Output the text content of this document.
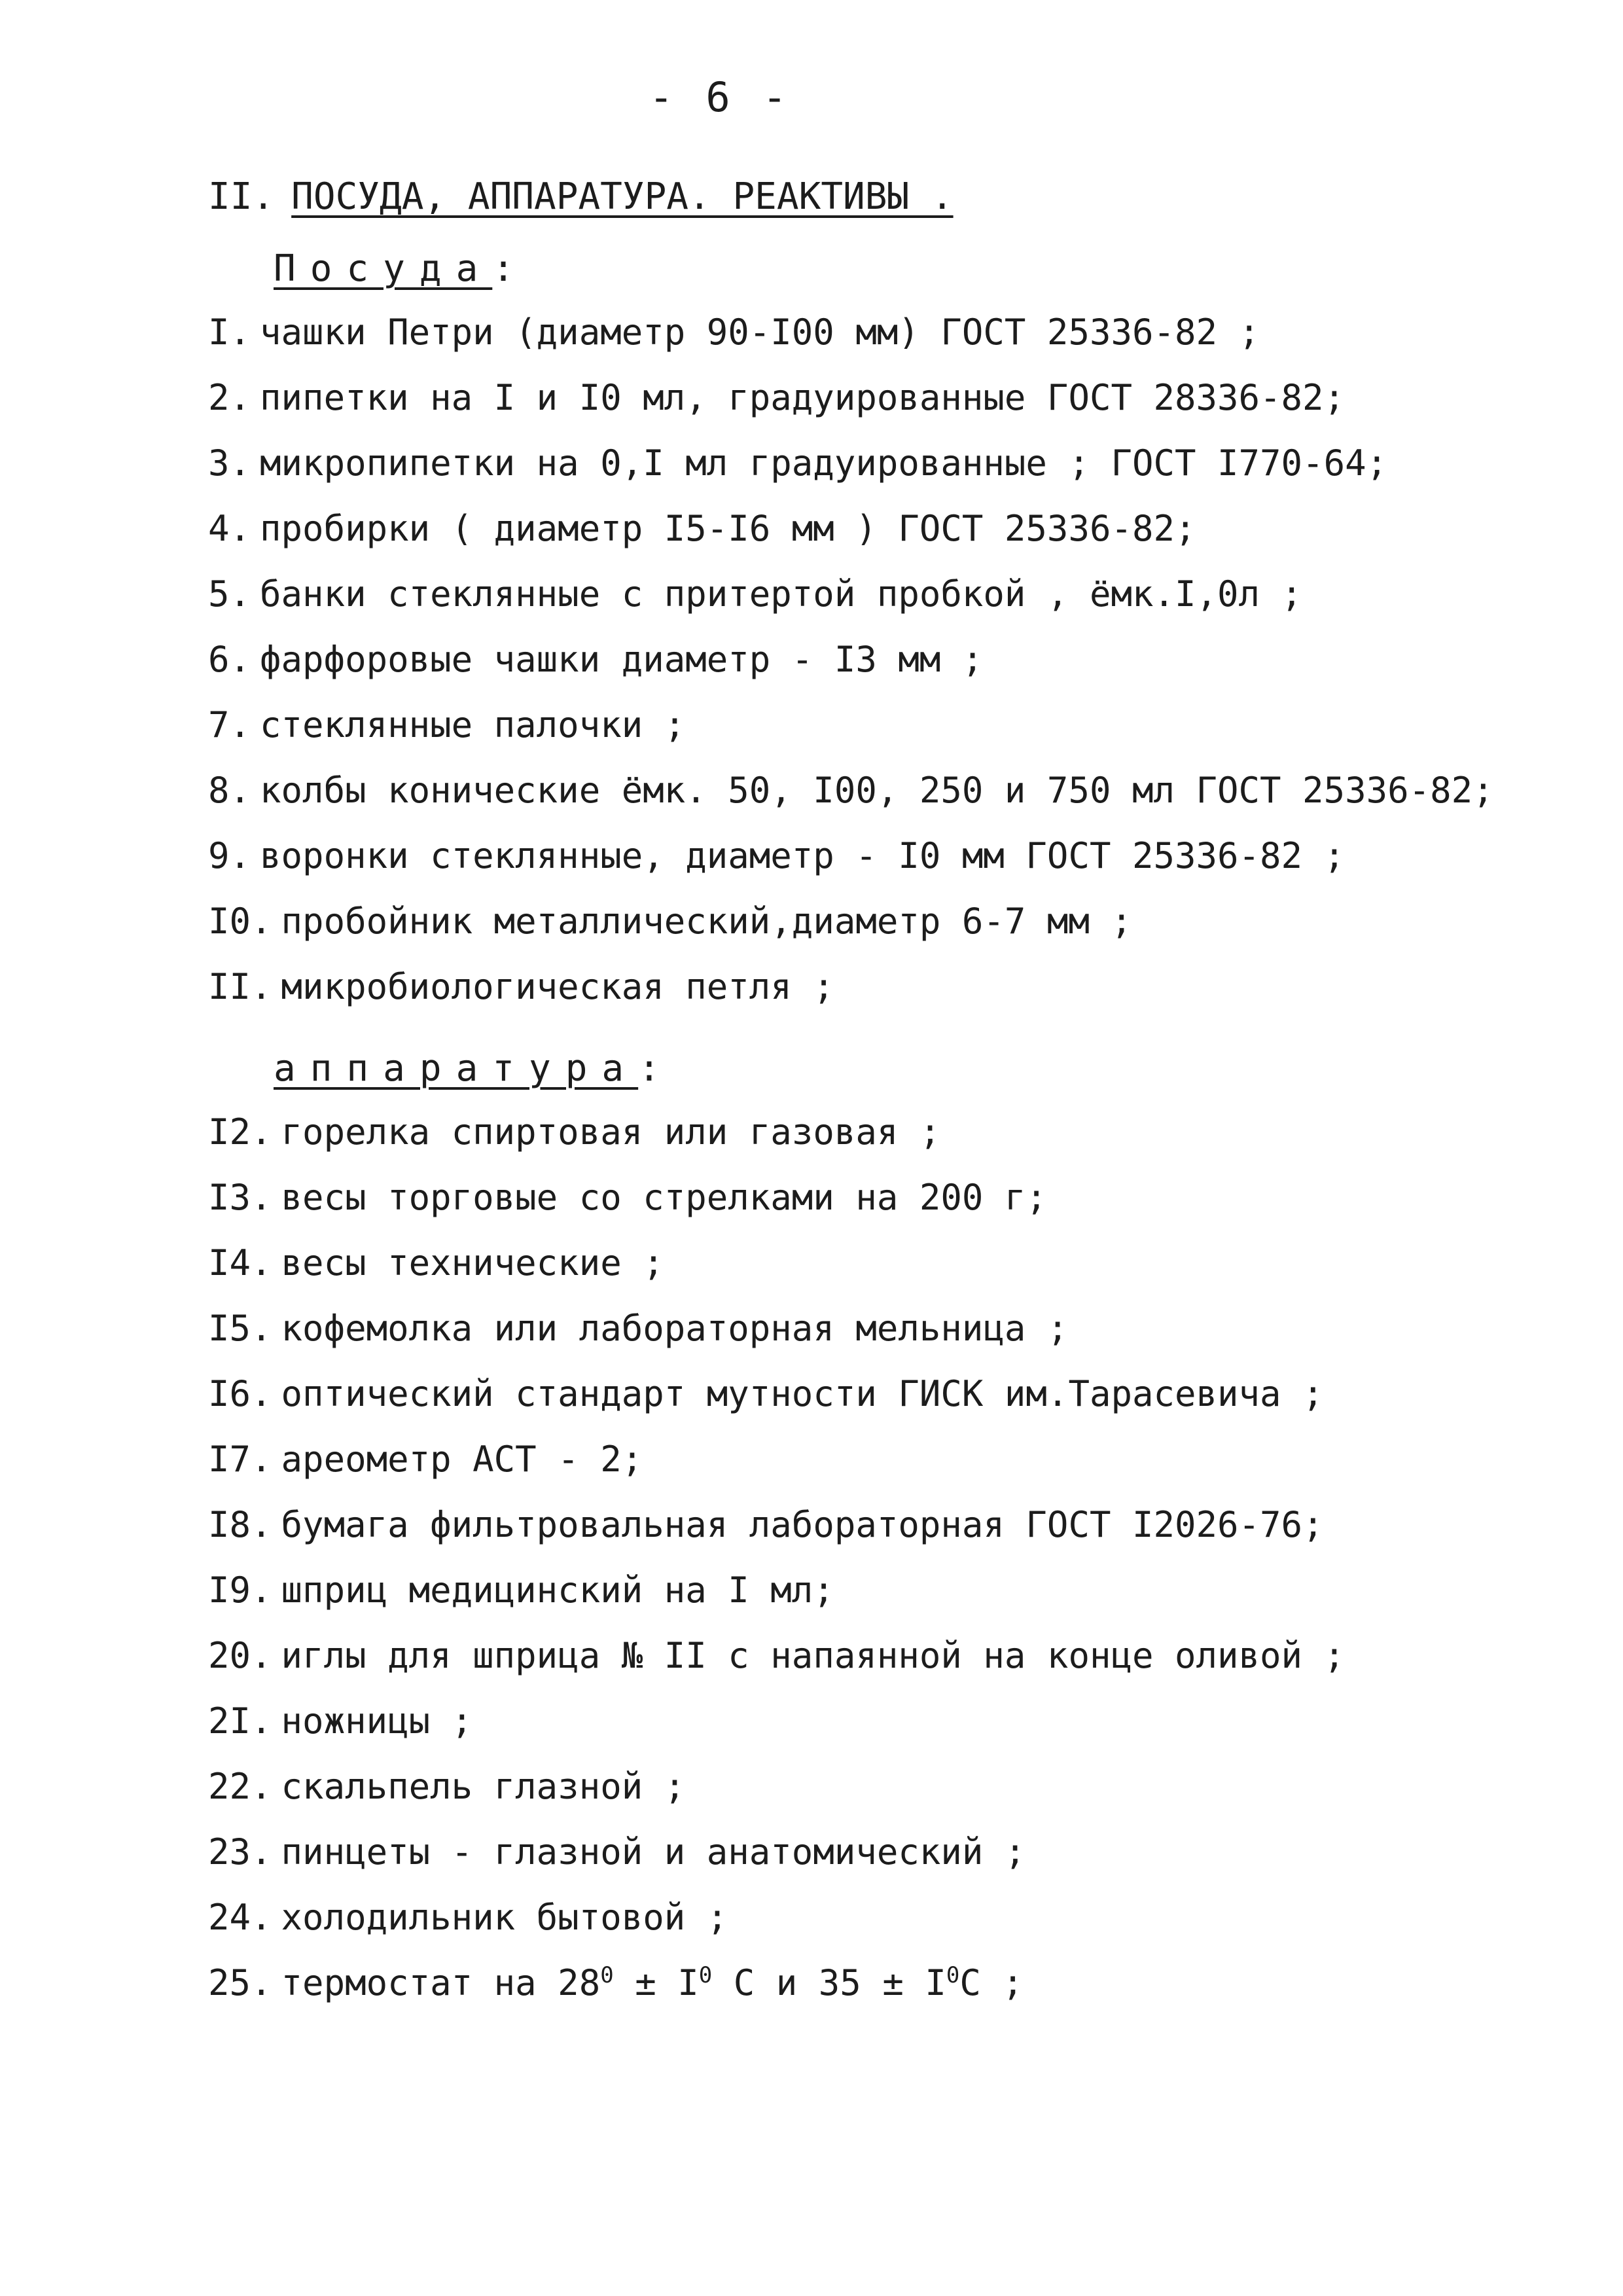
- 6 -
II. ПОСУДА, АППАРАТУРА. РЕАКТИВЫ .
Посуда:
I. чашки Петри (диаметр 90-I00 мм) ГОСТ 25336-82 ;
2. пипетки на I и I0 мл, градуированные ГОСТ 28336-82;
3. микропипетки на 0,I мл градуированные ; ГОСТ I770-64;
4. пробирки ( диаметр I5-I6 мм ) ГОСТ 25336-82;
5. банки стеклянные с притертой пробкой , ёмк.I,0л ;
6. фарфоровые чашки диаметр - I3 мм ;
7. стеклянные палочки ;
8. колбы конические ёмк. 50, I00, 250 и 750 мл ГОСТ 25336-82;
9. воронки стеклянные, диаметр - I0 мм ГОСТ 25336-82 ;
I0. пробойник металлический,диаметр 6-7 мм ;
II. микробиологическая петля ;
аппаратура:
I2. горелка спиртовая или газовая ;
I3. весы торговые со стрелками на 200 г;
I4. весы технические ;
I5. кофемолка или лабораторная мельница ;
I6. оптический стандарт мутности ГИСК им.Тарасевича ;
I7. ареометр АСТ - 2;
I8. бумага фильтровальная лабораторная ГОСТ I2026-76;
I9. шприц медицинский на I мл;
20. иглы для шприца № II с напаянной на конце оливой ;
2I. ножницы ;
22. скальпель глазной ;
23. пинцеты - глазной и анатомический ;
24. холодильник бытовой ;
25. термостат на $28^0 \pm I^0$ С и $35 \pm I^0С$ ;
